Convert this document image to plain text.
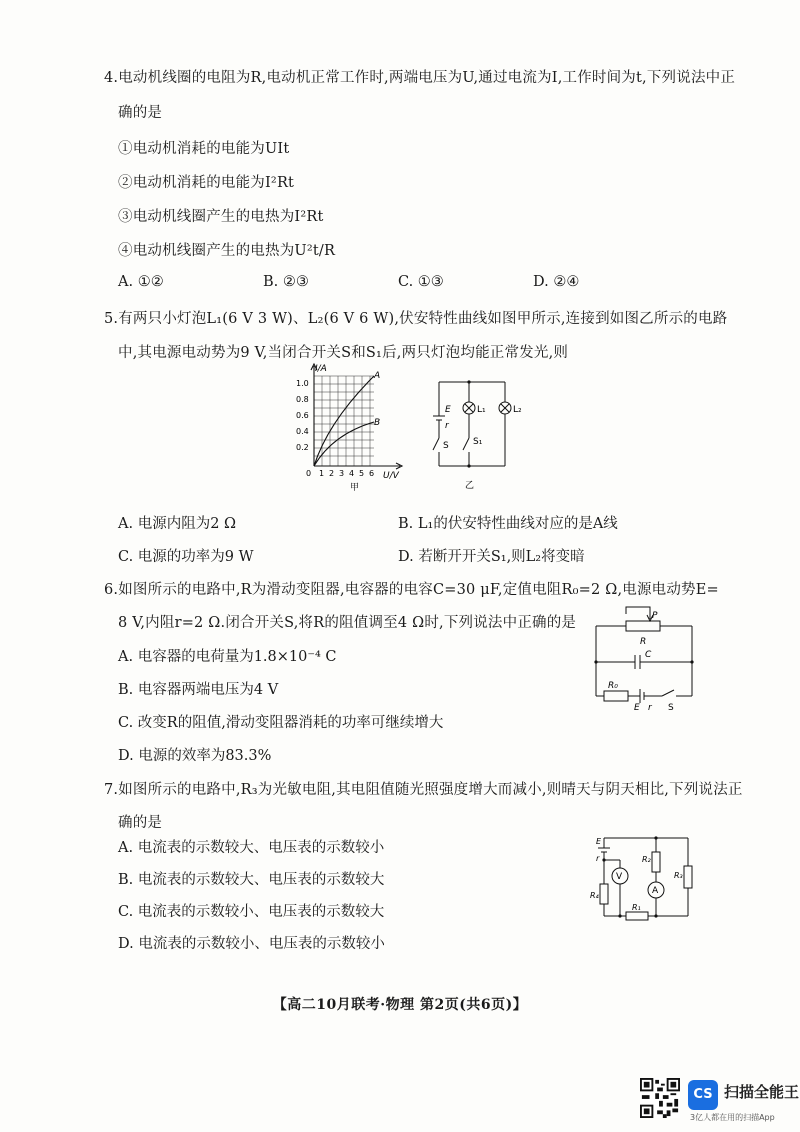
4.电动机线圈的电阻为R,电动机正常工作时,两端电压为U,通过电流为I,工作时间为t,下列说法中正
确的是
①电动机消耗的电能为UIt
②电动机消耗的电能为I²Rt
③电动机线圈产生的电热为I²Rt
④电动机线圈产生的电热为U²t/R
A. ①②	B. ②③	C. ①③	D. ②④
5.有两只小灯泡L₁(6 V 3 W)、L₂(6 V 6 W),伏安特性曲线如图甲所示,连接到如图乙所示的电路
中,其电源电动势为9 V,当闭合开关S和S₁后,两只灯泡均能正常发光,则
I/A
U/V
0
0.2
0.4
0.6
0.8
1.0
1 2 3 4 5 6
A
B
甲
E
r
S	S₁
L₁	L₂
乙
A. 电源内阻为2 Ω	B. L₁的伏安特性曲线对应的是A线
C. 电源的功率为9 W	D. 若断开开关S₁,则L₂将变暗
6.如图所示的电路中,R为滑动变阻器,电容器的电容C=30 μF,定值电阻R₀=2 Ω,电源电动势E=
8 V,内阻r=2 Ω.闭合开关S,将R的阻值调至4 Ω时,下列说法中正确的是
A. 电容器的电荷量为1.8×10⁻⁴ C
B. 电容器两端电压为4 V
C. 改变R的阻值,滑动变阻器消耗的功率可继续增大
D. 电源的效率为83.3%
P
R
C
R₀
E r S
7.如图所示的电路中,R₃为光敏电阻,其电阻值随光照强度增大而减小,则晴天与阴天相比,下列说法正
确的是
A. 电流表的示数较大、电压表的示数较小
B. 电流表的示数较大、电压表的示数较大
C. 电流表的示数较小、电压表的示数较大
D. 电流表的示数较小、电压表的示数较小
E
r
V
A
R₁
R₂
R₃
R₄
【高二10月联考·物理 第2页(共6页)】
CS 扫描全能王
3亿人都在用的扫描App
